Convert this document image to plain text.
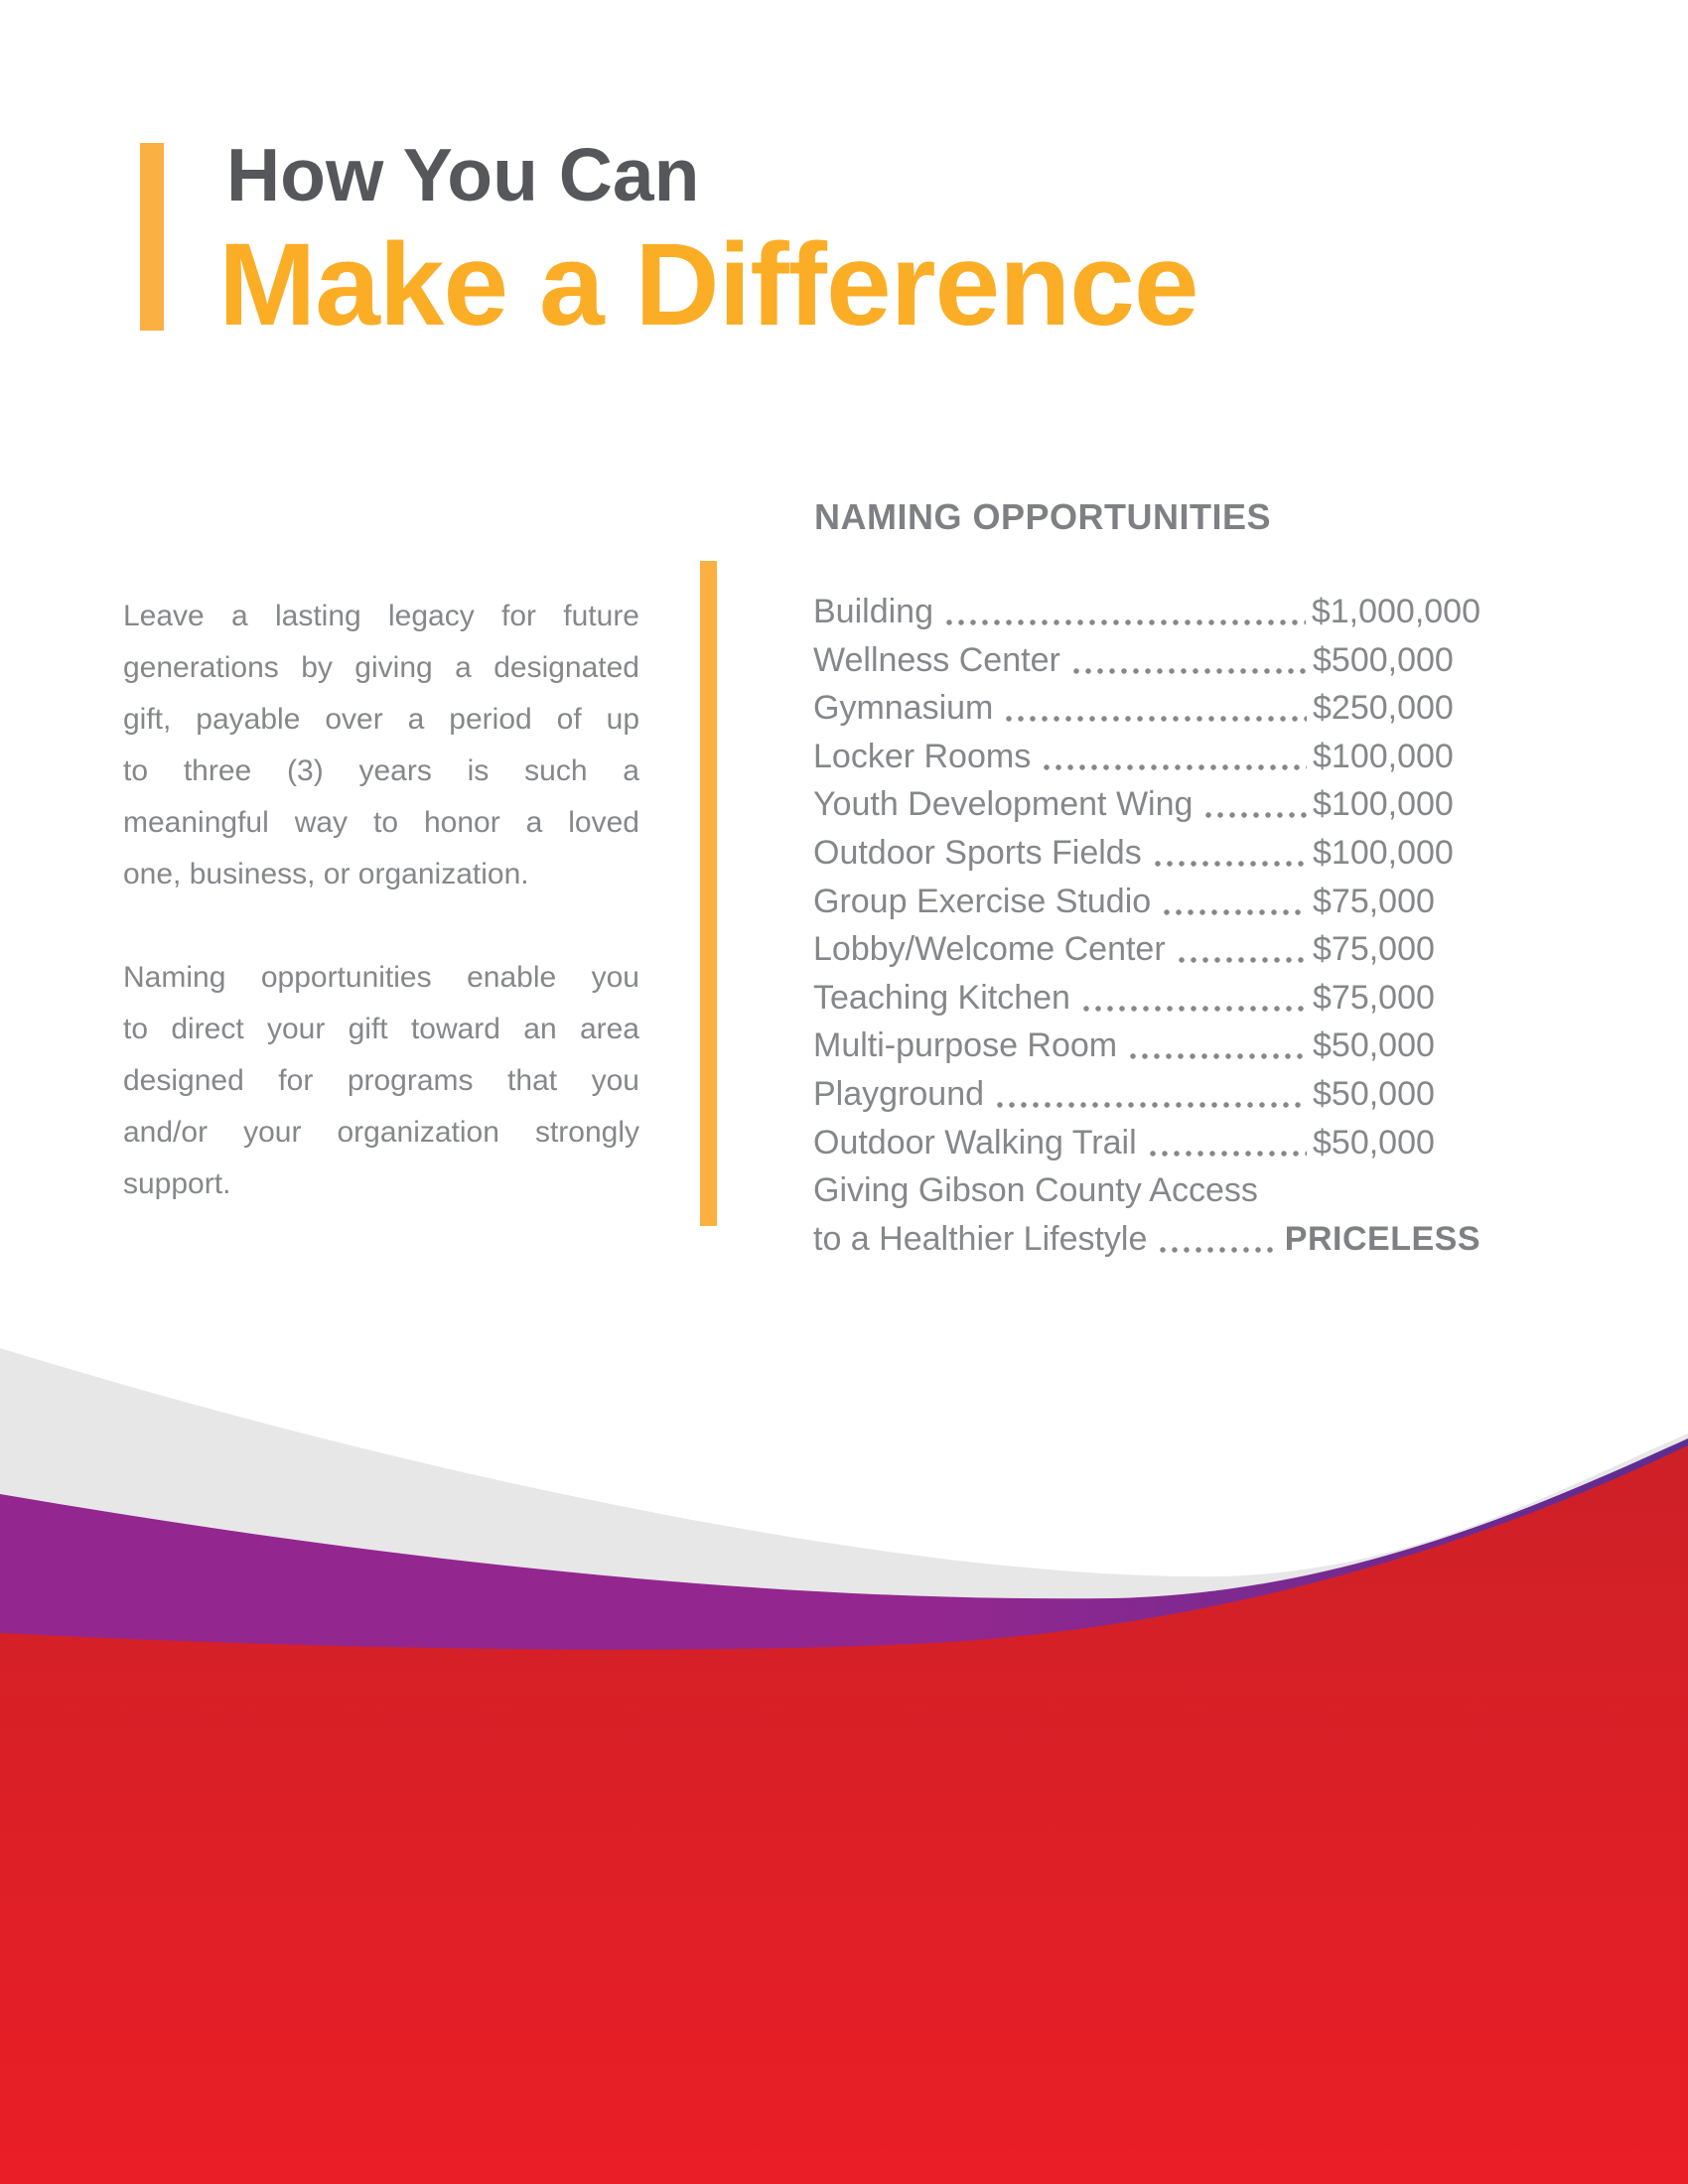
How You Can
Make a Difference
Leave a lasting legacy for future
generations by giving a designated
gift, payable over a period of up
to three (3) years is such a
meaningful way to honor a loved
one, business, or organization.
Naming opportunities enable you
to direct your gift toward an area
designed for programs that you
and/or your organization strongly
support.
NAMING OPPORTUNITIES
Building	$1,000,000
Wellness Center	$500,000
Gymnasium	$250,000
Locker Rooms	$100,000
Youth Development Wing	$100,000
Outdoor Sports Fields	$100,000
Group Exercise Studio	$75,000
Lobby/Welcome Center	$75,000
Teaching Kitchen	$75,000
Multi-purpose Room	$50,000
Playground	$50,000
Outdoor Walking Trail	$50,000
Giving Gibson County Access
to a Healthier Lifestyle	PRICELESS
